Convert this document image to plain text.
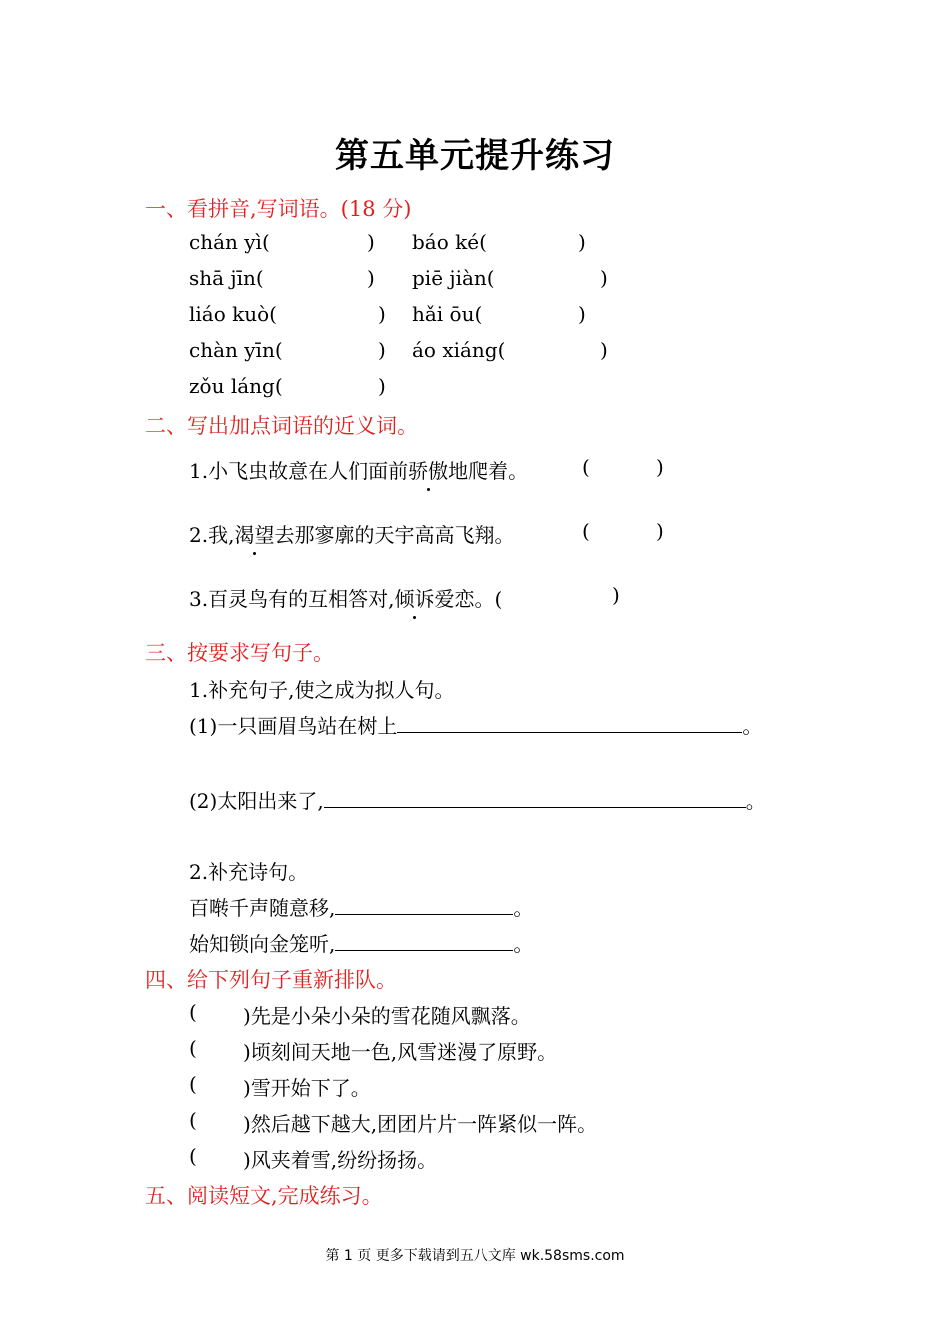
第五单元提升练习
一、看拼音,写词语。(18 分)
chán yì(	) báo ké(	)
shā jīn(	) piē jiàn(	)
liáo kuò(	) hǎi ōu(	)
chàn yīn(	) áo xiáng(	)
zǒu láng(	)
二、写出加点词语的近义词。
1.小飞虫故意在人们面前骄傲地爬着。	(	)
2.我,渴望去那寥廓的天宇高高飞翔。	(	)
3.百灵鸟有的互相答对,倾诉爱恋。(	)
三、按要求写句子。
1.补充句子,使之成为拟人句。
(1)一只画眉鸟站在树上	。
(2)太阳出来了,	。
2.补充诗句。
百啭千声随意移,	。
始知锁向金笼听,	。
四、给下列句子重新排队。
( )先是小朵小朵的雪花随风飘落。
( )顷刻间天地一色,风雪迷漫了原野。
( )雪开始下了。
( )然后越下越大,团团片片一阵紧似一阵。
( )风夹着雪,纷纷扬扬。
五、阅读短文,完成练习。
第 1 页 更多下载请到五八文库 wk.58sms.com
